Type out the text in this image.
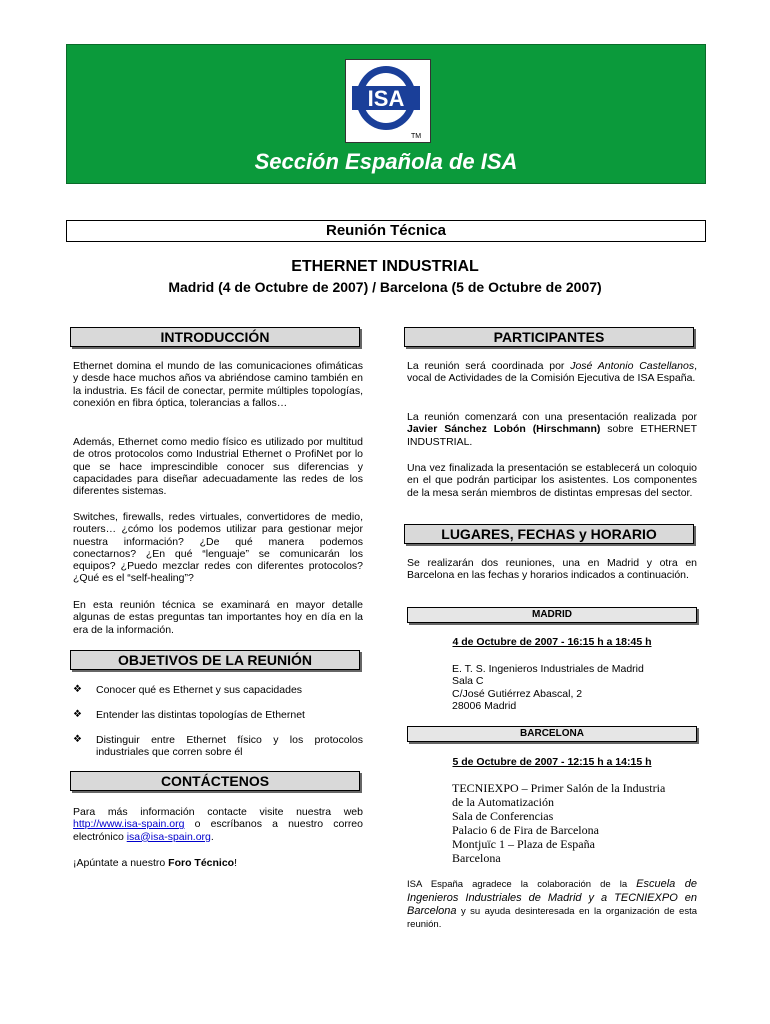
ISA
TM
Sección Española de ISA
Reunión Técnica
ETHERNET INDUSTRIAL
Madrid (4 de Octubre de 2007) / Barcelona (5 de Octubre de 2007)
INTRODUCCIÓN
Ethernet domina el mundo de las comunicaciones ofimáticas y desde hace muchos años va abriéndose camino también en la industria. Es fácil de conectar, permite múltiples topologías, conexión en fibra óptica, tolerancias a fallos…
Además, Ethernet como medio físico es utilizado por multitud de otros protocolos como Industrial Ethernet o ProfiNet por lo que se hace imprescindible conocer sus diferencias y capacidades para diseñar adecuadamente las redes de los diferentes sistemas.
Switches, firewalls, redes virtuales, convertidores de medio, routers… ¿cómo los podemos utilizar para gestionar mejor nuestra información? ¿De qué manera podemos conectarnos? ¿En qué “lenguaje” se comunicarán los equipos? ¿Puedo mezclar redes con diferentes protocolos? ¿Qué es el “self-healing”?
En esta reunión técnica se examinará en mayor detalle algunas de estas preguntas tan importantes hoy en día en la era de la información.
OBJETIVOS DE LA REUNIÓN
❖ Conocer qué es Ethernet y sus capacidades
❖ Entender las distintas topologías de Ethernet
❖ Distinguir entre Ethernet físico y los protocolos industriales que corren sobre él
CONTÁCTENOS
Para más información contacte visite nuestra web http://www.isa-spain.org o escríbanos a nuestro correo electrónico isa@isa-spain.org.
¡Apúntate a nuestro Foro Técnico!
PARTICIPANTES
La reunión será coordinada por José Antonio Castellanos, vocal de Actividades de la Comisión Ejecutiva de ISA España.
La reunión comenzará con una presentación realizada por Javier Sánchez Lobón (Hirschmann) sobre ETHERNET INDUSTRIAL.
Una vez finalizada la presentación se establecerá un coloquio en el que podrán participar los asistentes. Los componentes de la mesa serán miembros de distintas empresas del sector.
LUGARES, FECHAS y HORARIO
Se realizarán dos reuniones, una en Madrid y otra en Barcelona en las fechas y horarios indicados a continuación.
MADRID
4 de Octubre de 2007 - 16:15 h a 18:45 h
E. T. S. Ingenieros Industriales de Madrid
Sala C
C/José Gutiérrez Abascal, 2
28006 Madrid
BARCELONA
5 de Octubre de 2007 - 12:15 h a 14:15 h
TECNIEXPO – Primer Salón de la Industria
de la Automatización
Sala de Conferencias
Palacio 6 de Fira de Barcelona
Montjuïc 1 – Plaza de España
Barcelona
ISA España agradece la colaboración de la Escuela de Ingenieros Industriales de Madrid y a TECNIEXPO en Barcelona y su ayuda desinteresada en la organización de esta reunión.
